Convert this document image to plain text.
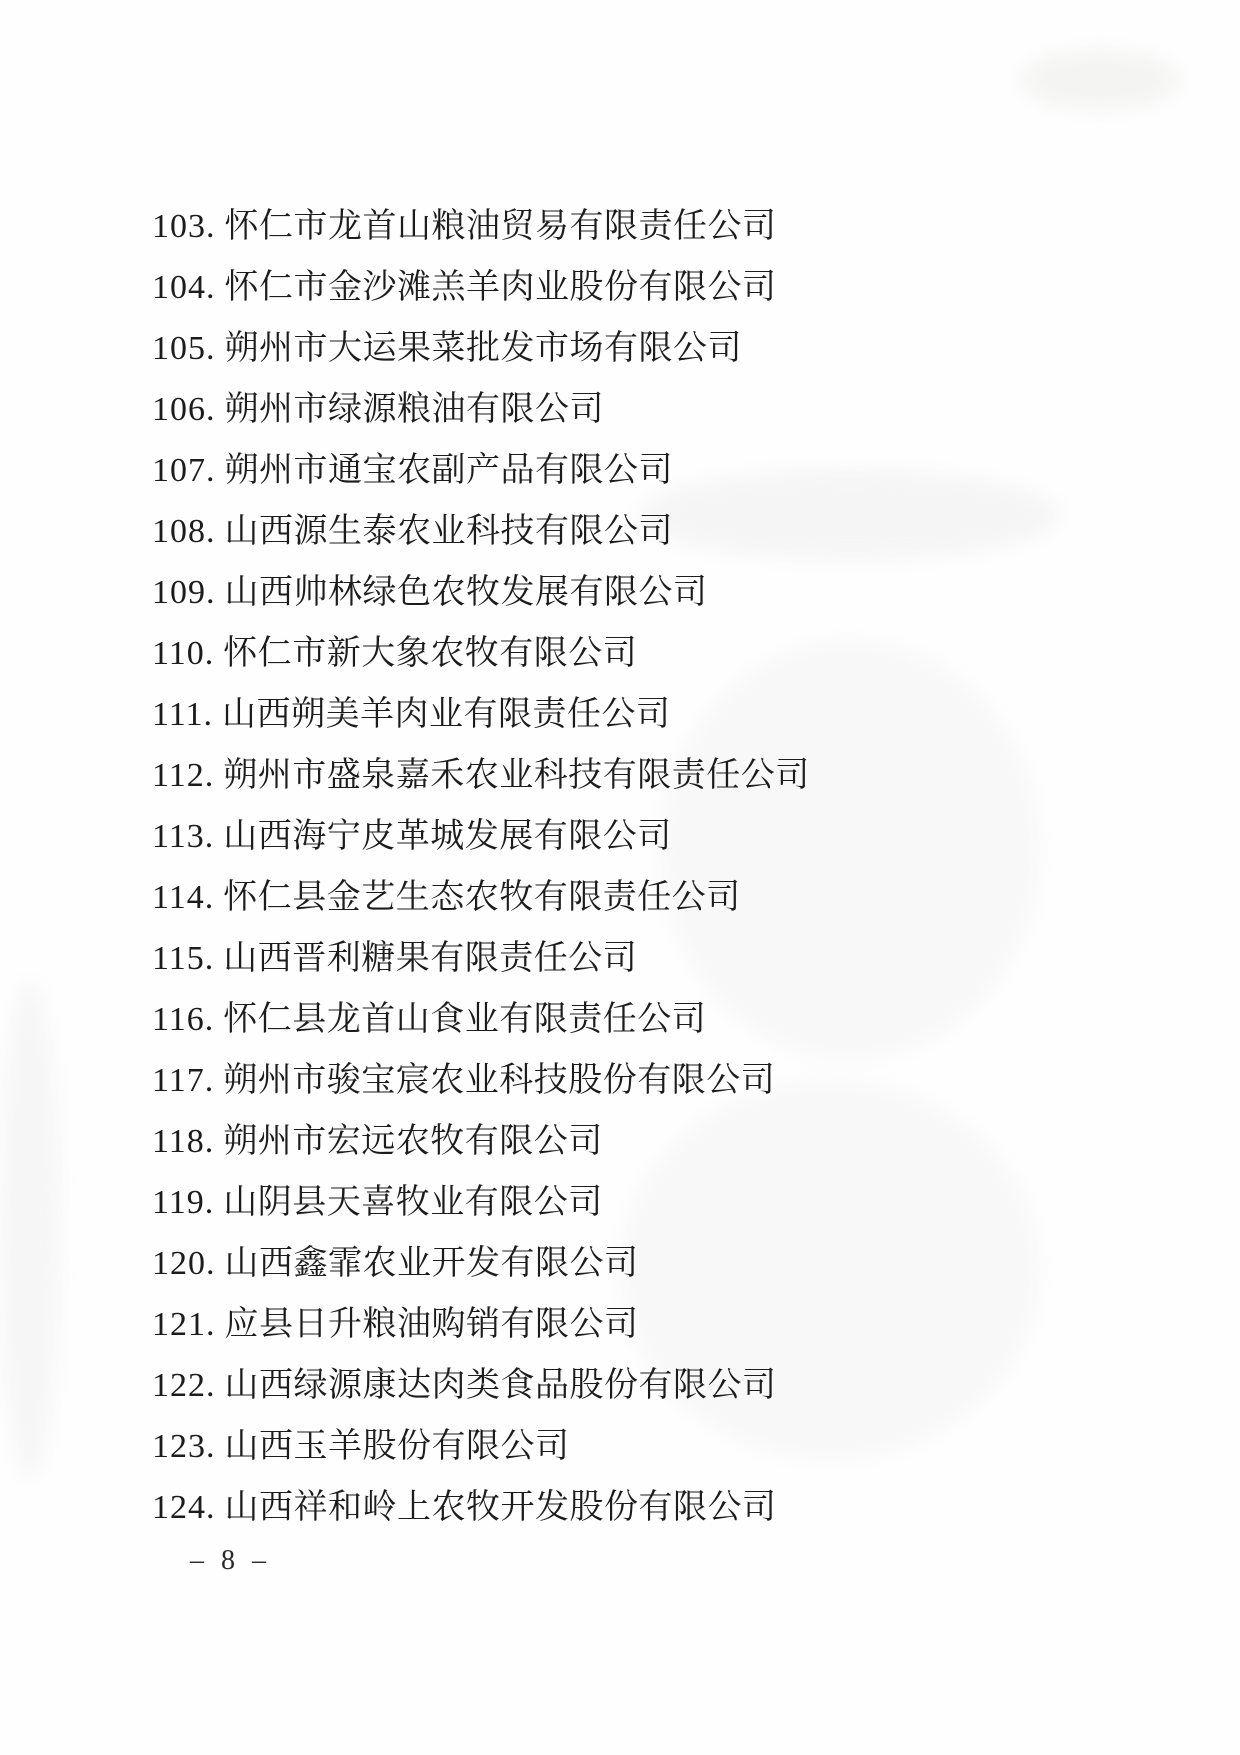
103. 怀仁市龙首山粮油贸易有限责任公司
104. 怀仁市金沙滩羔羊肉业股份有限公司
105. 朔州市大运果菜批发市场有限公司
106. 朔州市绿源粮油有限公司
107. 朔州市通宝农副产品有限公司
108. 山西源生泰农业科技有限公司
109. 山西帅林绿色农牧发展有限公司
110. 怀仁市新大象农牧有限公司
111. 山西朔美羊肉业有限责任公司
112. 朔州市盛泉嘉禾农业科技有限责任公司
113. 山西海宁皮革城发展有限公司
114. 怀仁县金艺生态农牧有限责任公司
115. 山西晋利糖果有限责任公司
116. 怀仁县龙首山食业有限责任公司
117. 朔州市骏宝宸农业科技股份有限公司
118. 朔州市宏远农牧有限公司
119. 山阴县天喜牧业有限公司
120. 山西鑫霏农业开发有限公司
121. 应县日升粮油购销有限公司
122. 山西绿源康达肉类食品股份有限公司
123. 山西玉羊股份有限公司
124. 山西祥和岭上农牧开发股份有限公司
– 8 –
